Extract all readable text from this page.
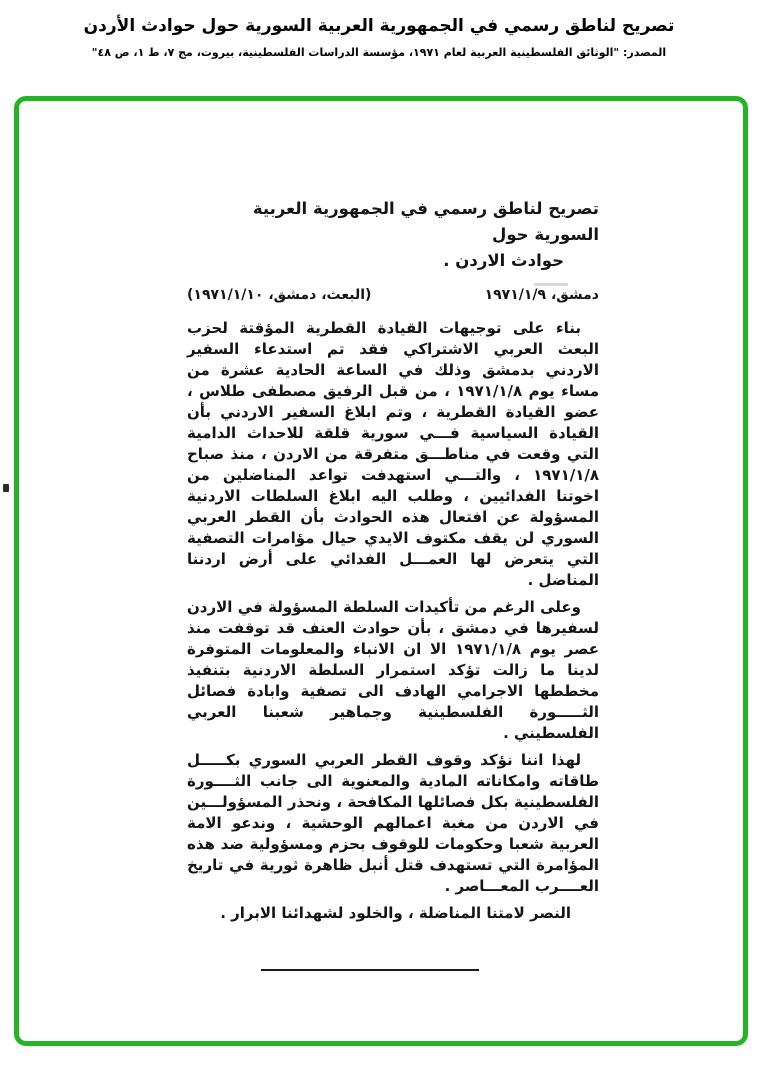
تصريح لناطق رسمي في الجمهورية العربية السورية حول حوادث الأردن
المصدر: "الوثائق الفلسطينية العربية لعام ١٩٧١، مؤسسة الدراسات الفلسطينية، بيروت، مج ٧، ط ١، ص ٤٨"
تصريح لناطق رسمي في الجمهورية العربية السورية حول
حوادث الاردن .
دمشق، ١٩٧١/١/٩
(البعث، دمشق، ١٩٧١/١/١٠)

بناء على توجيهات القيادة القطرية المؤقتة لحزب البعث العربي الاشتراكي فقد تم استدعاء السفير الاردني بدمشق وذلك في الساعة الحادية عشرة من مساء يوم ١٩٧١/١/٨ ، من قبل الرفيق مصطفى طلاس ، عضو القيادة القطرية ، وتم ابلاغ السفير الاردني بأن القيادة السياسية فـــي سورية قلقة للاحداث الدامية التي وقعت في مناطـــق متفرقة من الاردن ، منذ صباح ١٩٧١/١/٨ ، والتـــي استهدفت تواعد المناضلين من اخوتنا الفدائيين ، وطلب اليه ابلاغ السلطات الاردنية المسؤولة عن افتعال هذه الحوادث بأن القطر العربي السوري لن يقف مكتوف الايدي حيال مؤامرات التصفية التي يتعرض لها العمـــل الفدائي على أرض اردننا المناضل .

وعلى الرغم من تأكيدات السلطة المسؤولة في الاردن لسفيرها في دمشق ، بأن حوادث العنف قد توقفت منذ عصر يوم ١٩٧١/١/٨ الا ان الانباء والمعلومات المتوفرة لدينا ما زالت تؤكد استمرار السلطة الاردنية بتنفيذ مخططها الاجرامي الهادف الى تصفية وابادة فصائل الثـــــورة الفلسطينية وجماهير شعبنا العربي الفلسطيني .

لهذا اننا نؤكد وقوف القطر العربي السوري بكـــــل طاقاته وامكاناته المادية والمعنوية الى جانب الثــــورة الفلسطينية بكل فصائلها المكافحة ، ونحذر المسؤولـــين في الاردن من مغبة اعمالهم الوحشية ، وندعو الامة العربية شعبا وحكومات للوقوف بحزم ومسؤولية ضد هذه المؤامرة التي تستهدف قتل أنبل ظاهرة ثورية في تاريخ العــــرب المعـــاصر .

النصر لامتنا المناضلة ، والخلود لشهدائنا الابرار .
